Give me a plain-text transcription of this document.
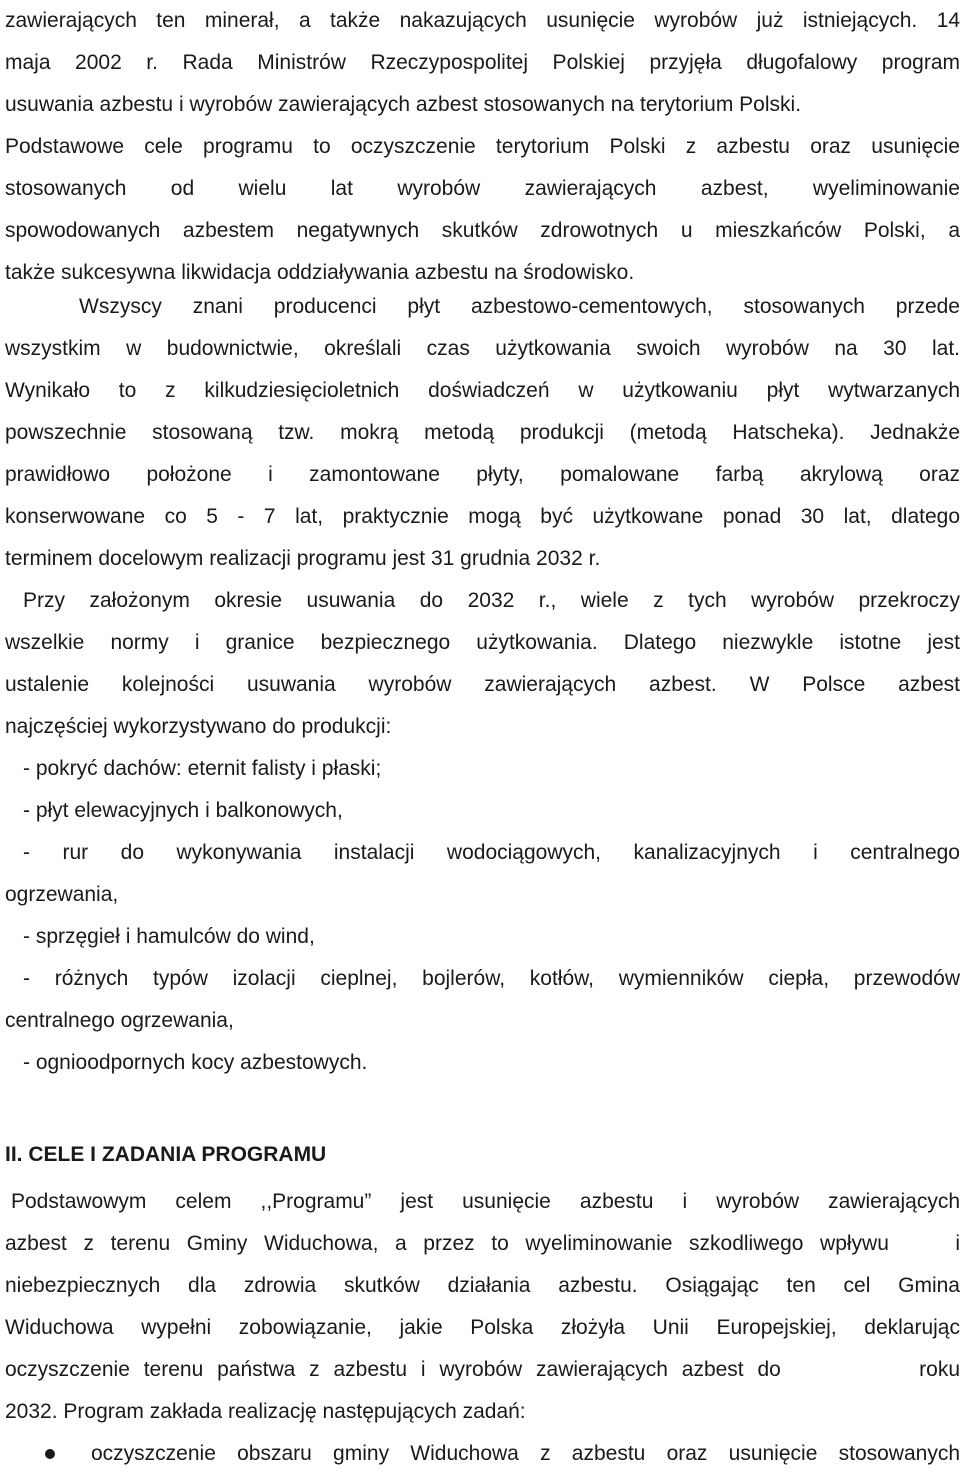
zawierających ten minerał, a także nakazujących usunięcie wyrobów już istniejących. 14
maja 2002 r. Rada Ministrów Rzeczypospolitej Polskiej przyjęła długofalowy program
usuwania azbestu i wyrobów zawierających azbest stosowanych na terytorium Polski.
Podstawowe cele programu to oczyszczenie terytorium Polski z azbestu oraz usunięcie
stosowanych od wielu lat wyrobów zawierających azbest, wyeliminowanie
spowodowanych azbestem negatywnych skutków zdrowotnych u mieszkańców Polski, a
także sukcesywna likwidacja oddziaływania azbestu na środowisko.
Wszyscy znani producenci płyt azbestowo-cementowych, stosowanych przede
wszystkim w budownictwie, określali czas użytkowania swoich wyrobów na 30 lat.
Wynikało to z kilkudziesięcioletnich doświadczeń w użytkowaniu płyt wytwarzanych
powszechnie stosowaną tzw. mokrą metodą produkcji (metodą Hatscheka). Jednakże
prawidłowo położone i zamontowane płyty, pomalowane farbą akrylową oraz
konserwowane co 5 - 7 lat, praktycznie mogą być użytkowane ponad 30 lat, dlatego
terminem docelowym realizacji programu jest 31 grudnia 2032 r.
Przy założonym okresie usuwania do 2032 r., wiele z tych wyrobów przekroczy
wszelkie normy i granice bezpiecznego użytkowania. Dlatego niezwykle istotne jest
ustalenie kolejności usuwania wyrobów zawierających azbest. W Polsce azbest
najczęściej wykorzystywano do produkcji:
- pokryć dachów: eternit falisty i płaski;
- płyt elewacyjnych i balkonowych,
- rur do wykonywania instalacji wodociągowych, kanalizacyjnych i centralnego
ogrzewania,
- sprzęgieł i hamulców do wind,
- różnych typów izolacji cieplnej, bojlerów, kotłów, wymienników ciepła, przewodów
centralnego ogrzewania,
- ognioodpornych kocy azbestowych.
II. CELE I ZADANIA PROGRAMU
Podstawowym celem ,,Programu” jest usunięcie azbestu i wyrobów zawierających
azbest z terenu Gminy Widuchowa, a przez to wyeliminowanie szkodliwego wpływu    i
niebezpiecznych dla zdrowia skutków działania azbestu. Osiągając ten cel Gmina
Widuchowa wypełni zobowiązanie, jakie Polska złożyła Unii Europejskiej, deklarując
oczyszczenie terenu państwa z azbestu i wyrobów zawierających azbest do          roku
2032. Program zakłada realizację następujących zadań:
oczyszczenie obszaru gminy Widuchowa z azbestu oraz usunięcie stosowanych
